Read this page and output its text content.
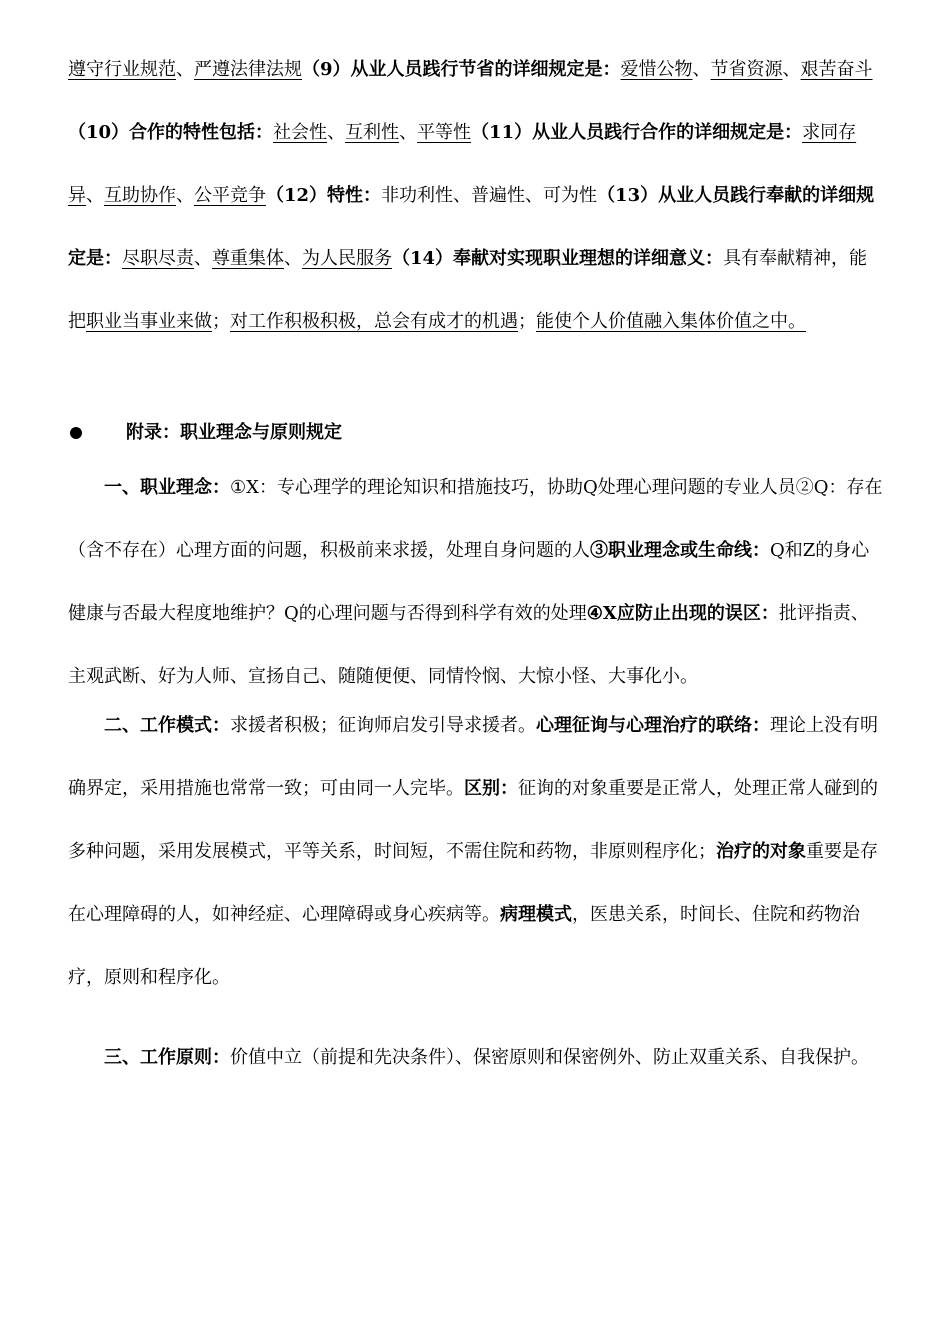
遵守行业规范、严遵法律法规（9）从业人员践行节省的详细规定是：爱惜公物、节省资源、艰苦奋斗（10）合作的特性包括：社会性、互利性、平等性（11）从业人员践行合作的详细规定是：求同存异、互助协作、公平竞争（12）特性：非功利性、普遍性、可为性（13）从业人员践行奉献的详细规定是：尽职尽责、尊重集体、为人民服务（14）奉献对实现职业理想的详细意义：具有奉献精神，能把职业当事业来做；对工作积极积极，总会有成才的机遇；能使个人价值融入集体价值之中。

附录：职业理念与原则规定

一、职业理念：①X：专心理学的理论知识和措施技巧，协助Q处理心理问题的专业人员②Q：存在（含不存在）心理方面的问题，积极前来求援，处理自身问题的人③职业理念或生命线：Q和Z的身心健康与否最大程度地维护？Q的心理问题与否得到科学有效的处理④X应防止出现的误区：批评指责、主观武断、好为人师、宣扬自己、随随便便、同情怜悯、大惊小怪、大事化小。

二、工作模式：求援者积极；征询师启发引导求援者。心理征询与心理治疗的联络：理论上没有明确界定，采用措施也常常一致；可由同一人完毕。区别：征询的对象重要是正常人，处理正常人碰到的多种问题，采用发展模式，平等关系，时间短，不需住院和药物，非原则程序化；治疗的对象重要是存在心理障碍的人，如神经症、心理障碍或身心疾病等。病理模式，医患关系，时间长、住院和药物治疗，原则和程序化。

三、工作原则：价值中立（前提和先决条件）、保密原则和保密例外、防止双重关系、自我保护。
